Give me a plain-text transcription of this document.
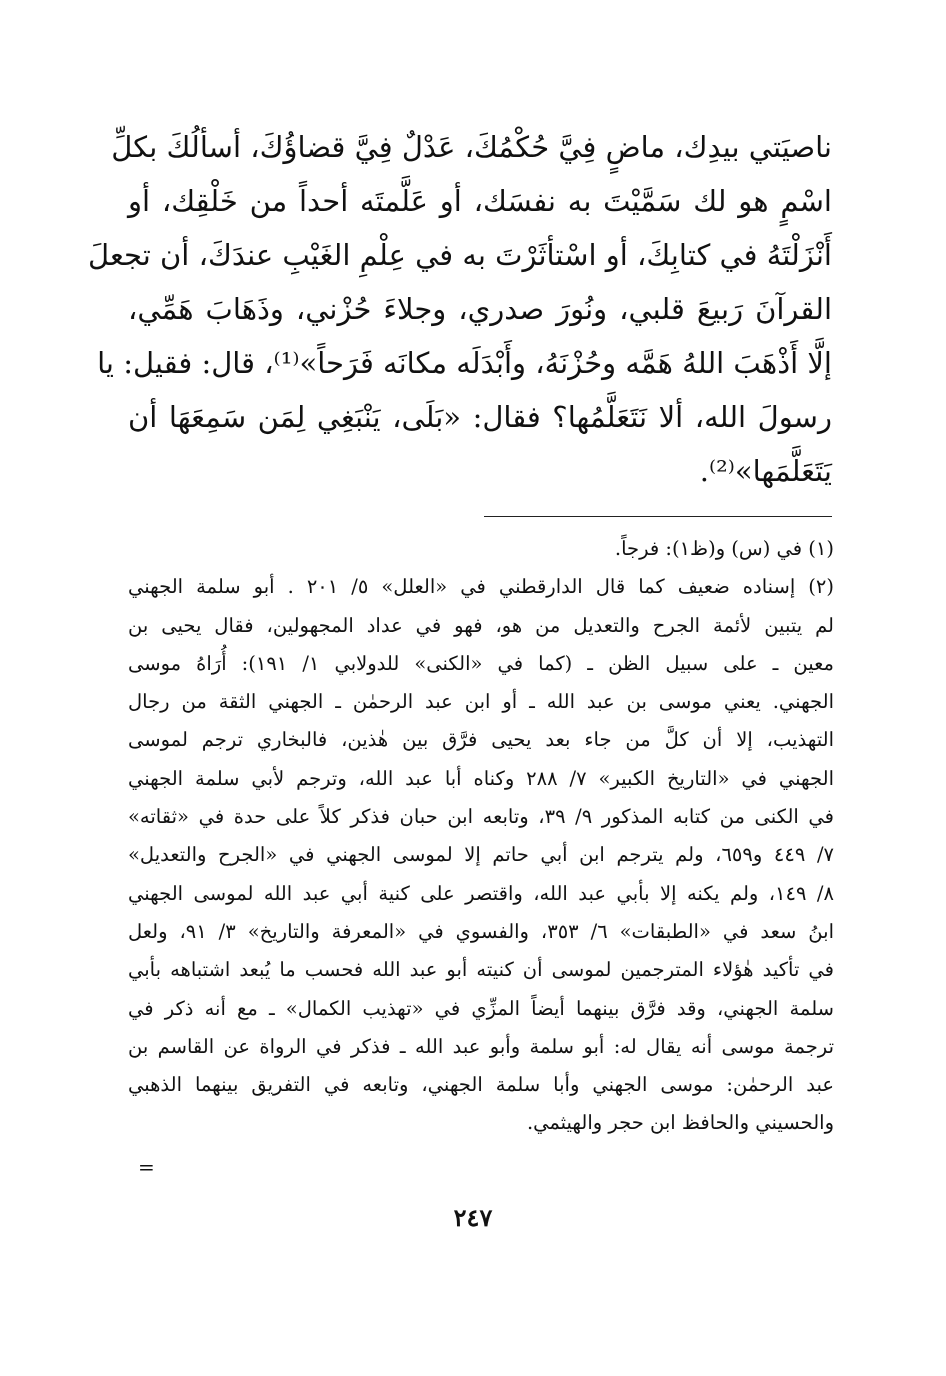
ناصيَتي بيدِك، ماضٍ فِيَّ حُكْمُكَ، عَدْلٌ فِيَّ قضاؤُكَ، أسألُكَ بكلِّ
اسْمٍ هو لك سَمَّيْتَ به نفسَك، أو عَلَّمتَه أحداً من خَلْقِك، أو
أَنْزَلْتَهُ في كتابِكَ، أو اسْتأثَرْتَ به في عِلْمِ الغَيْبِ عندَكَ، أن تجعلَ
القرآنَ رَبيعَ قلبي، ونُورَ صدري، وجلاءَ حُزْني، وذَهَابَ هَمِّي،
إلَّا أَذْهَبَ اللهُ هَمَّه وحُزْنَهُ، وأَبْدَلَه مكانَه فَرَحاً»⁽¹⁾، قال: فقيل: يا
رسولَ الله، ألا نَتَعَلَّمُها؟ فقال: «بَلَى، يَنْبَغِي لِمَن سَمِعَهَا أن
يَتَعَلَّمَها»⁽²⁾.
(١) في (س) و(ظ١): فرجاً.
(٢) إسناده ضعيف كما قال الدارقطني في «العلل» ٥/ ٢٠١ . أبو سلمة الجهني
لم يتبين لأئمة الجرح والتعديل من هو، فهو في عداد المجهولين، فقال يحيى بن
معين ـ على سبيل الظن ـ (كما في «الكنى» للدولابي ١/ ١٩١): أُرَاهُ موسى
الجهني. يعني موسى بن عبد الله ـ أو ابن عبد الرحمٰن ـ الجهني الثقة من رجال
التهذيب، إلا أن كلَّ من جاء بعد يحيى فرَّق بين هٰذين، فالبخاري ترجم لموسى
الجهني في «التاريخ الكبير» ٧/ ٢٨٨ وكناه أبا عبد الله، وترجم لأبي سلمة الجهني
في الكنى من كتابه المذكور ٩/ ٣٩، وتابعه ابن حبان فذكر كلاً على حدة في «ثقاته»
٧/ ٤٤٩ و٦٥٩، ولم يترجم ابن أبي حاتم إلا لموسى الجهني في «الجرح والتعديل»
٨/ ١٤٩، ولم يكنه إلا بأبي عبد الله، واقتصر على كنية أبي عبد الله لموسى الجهني
ابنُ سعد في «الطبقات» ٦/ ٣٥٣، والفسوي في «المعرفة والتاريخ» ٣/ ٩١، ولعل
في تأكيد هٰؤلاء المترجمين لموسى أن كنيته أبو عبد الله فحسب ما يُبعد اشتباهه بأبي
سلمة الجهني، وقد فرَّق بينهما أيضاً المزِّي في «تهذيب الكمال» ـ مع أنه ذكر في
ترجمة موسى أنه يقال له: أبو سلمة وأبو عبد الله ـ فذكر في الرواة عن القاسم بن
عبد الرحمٰن: موسى الجهني وأبا سلمة الجهني، وتابعه في التفريق بينهما الذهبي
والحسيني والحافظ ابن حجر والهيثمي.
=
٢٤٧
